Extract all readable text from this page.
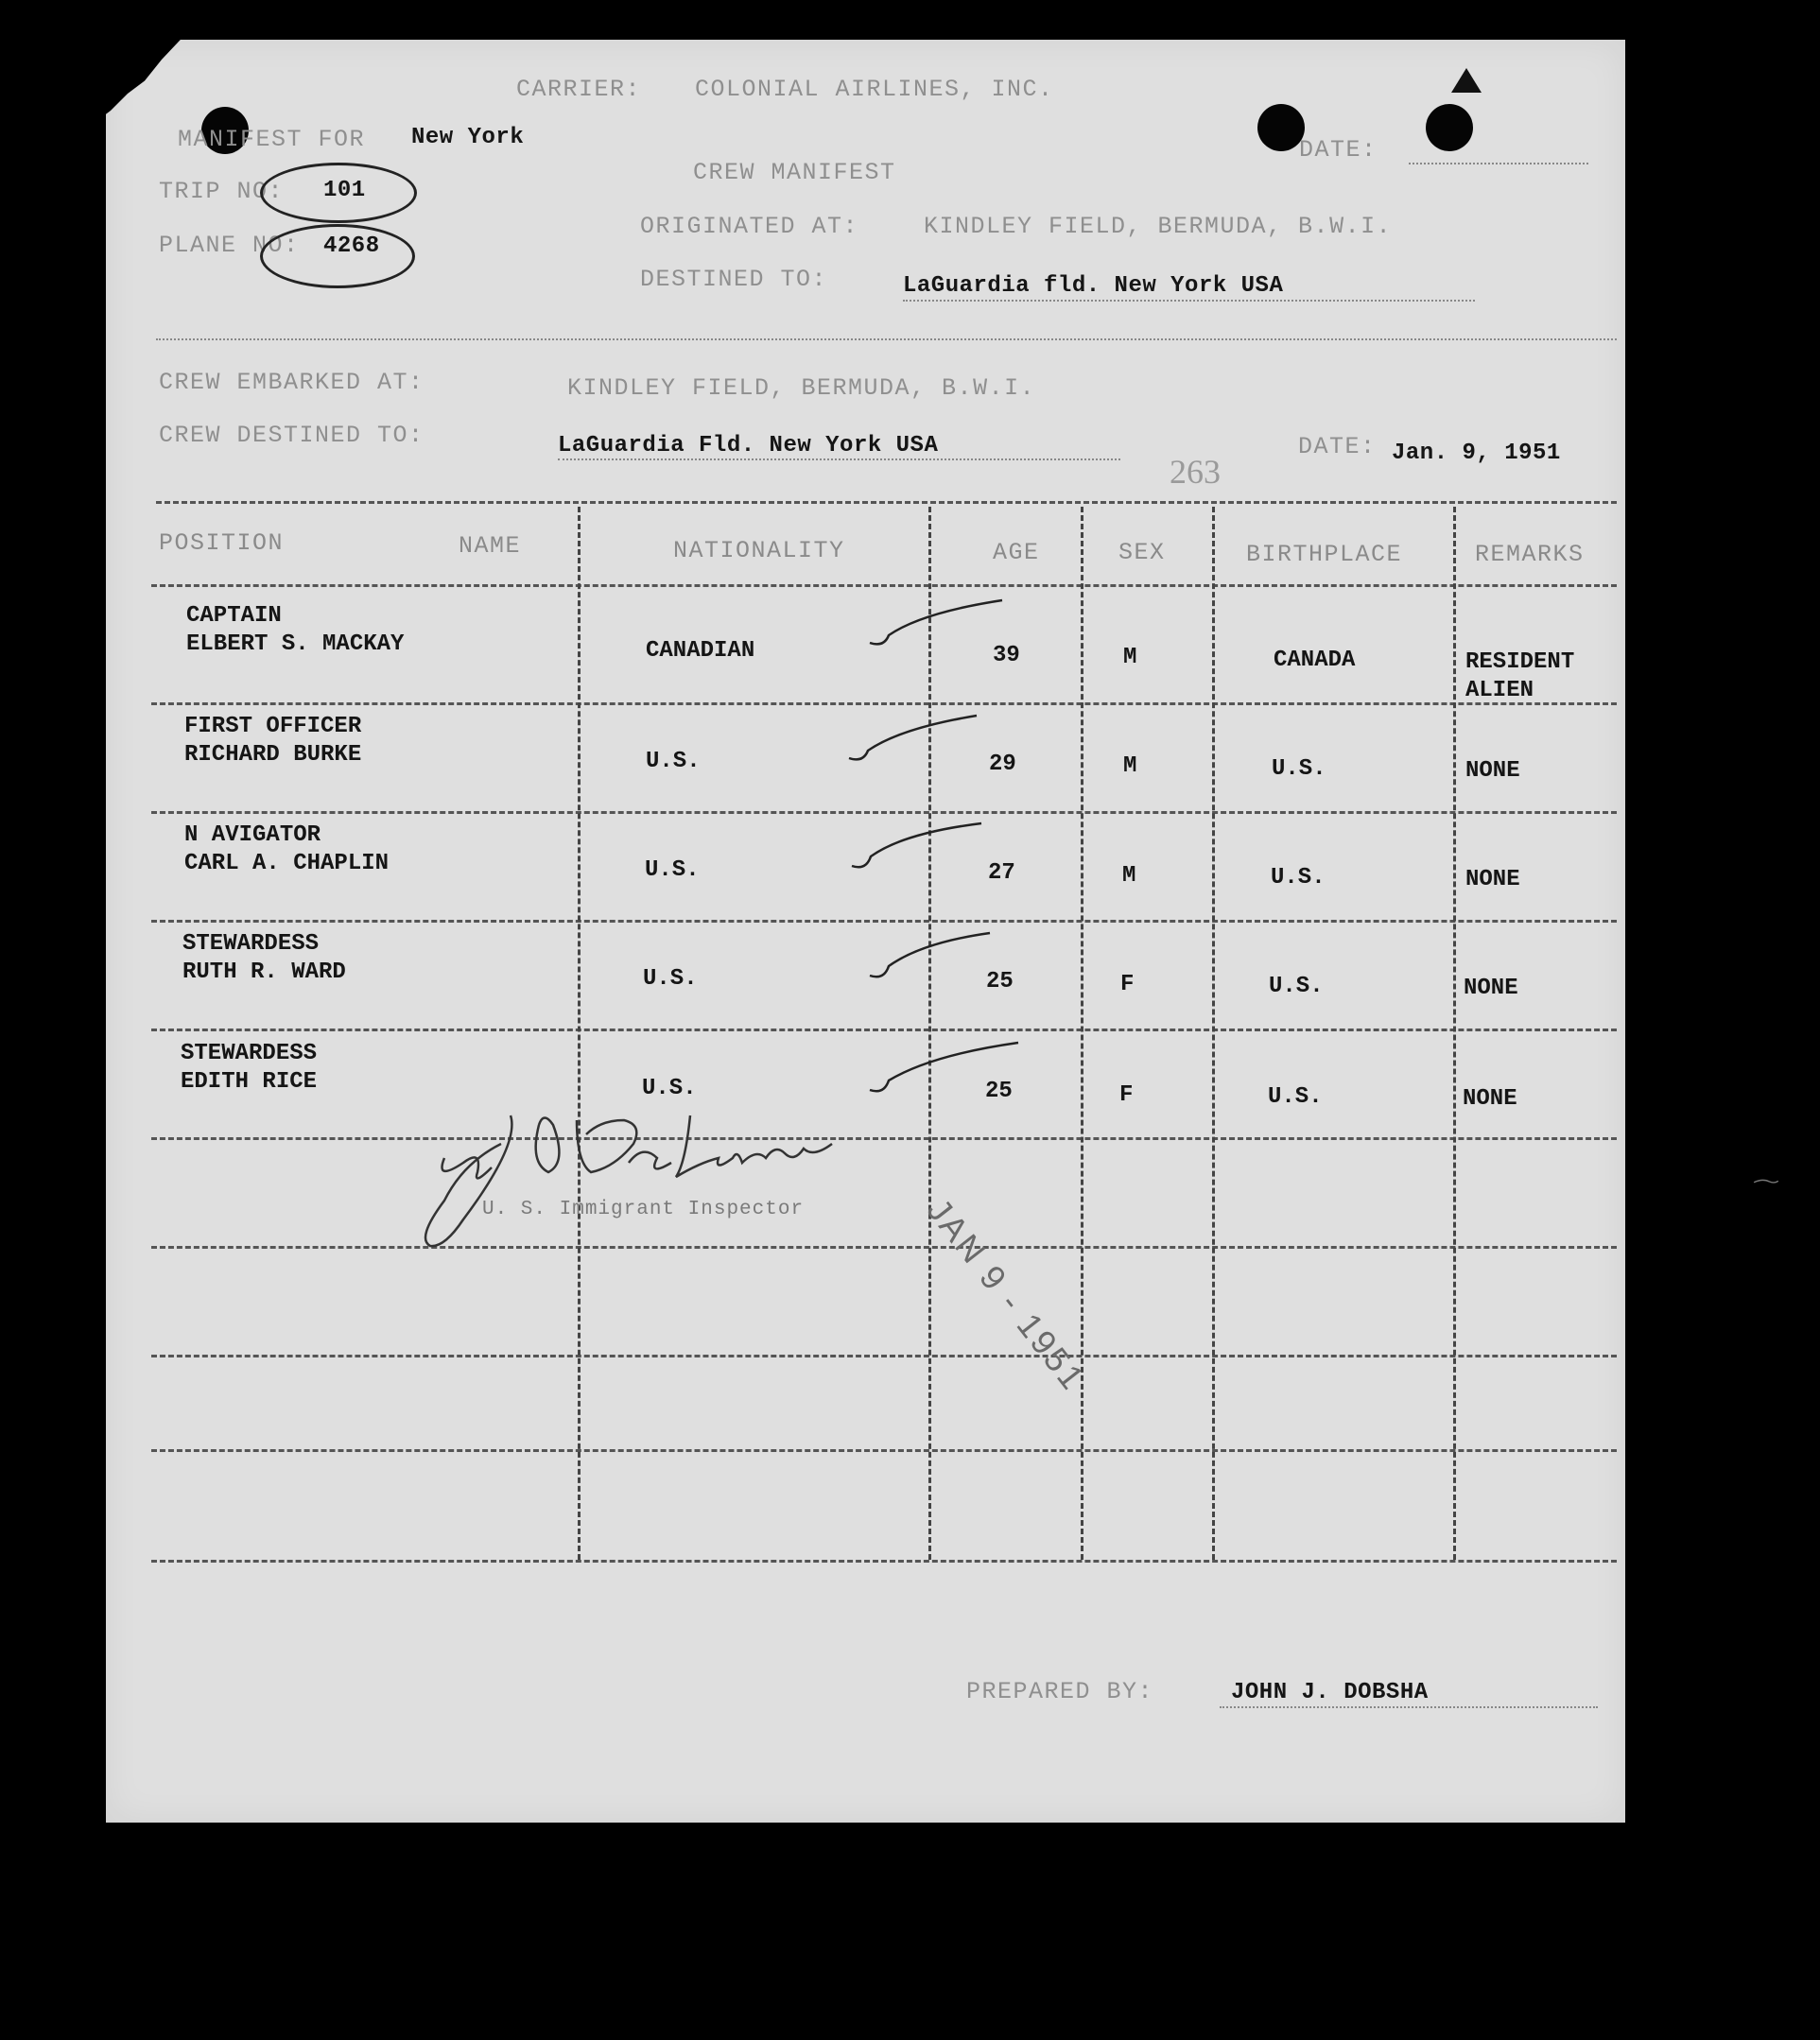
CARRIER: COLONIAL AIRLINES, INC.
MANIFEST FOR New York
TRIP NO: 101
PLANE NO: 4268
CREW MANIFEST
DATE:
ORIGINATED AT:	KINDLEY FIELD, BERMUDA, B.W.I.
DESTINED TO:	LaGuardia fld. New York USA
CREW EMBARKED AT:	KINDLEY FIELD, BERMUDA, B.W.I.
CREW DESTINED TO:	LaGuardia Fld. New York USA	DATE: Jan. 9, 1951
263
POSITION	NAME	NATIONALITY	AGE	SEX	BIRTHPLACE	REMARKS
CAPTAIN
ELBERT S. MACKAY	CANADIAN	39	M	CANADA	RESIDENT ALIEN
FIRST OFFICER
RICHARD BURKE	U.S.	29	M	U.S.	NONE
N AVIGATOR
CARL A. CHAPLIN	U.S.	27	M	U.S.	NONE
STEWARDESS
RUTH R. WARD	U.S.	25	F	U.S.	NONE
STEWARDESS
EDITH RICE	U.S.	25	F	U.S.	NONE
U. S. Immigrant Inspector	JAN 9 - 1951
PREPARED BY:	JOHN J. DOBSHA
